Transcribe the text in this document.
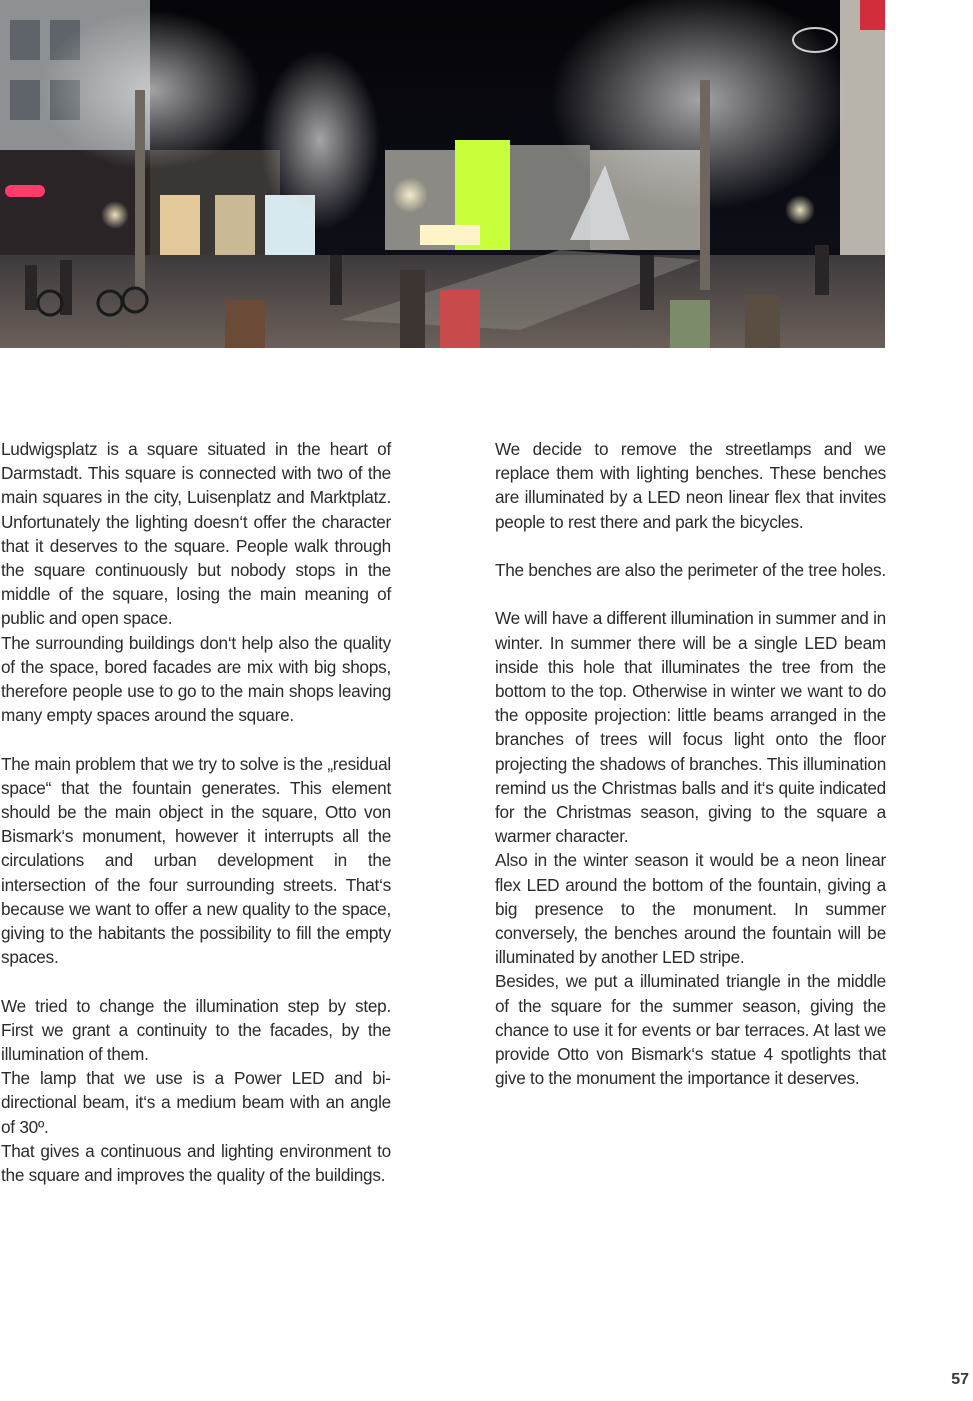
Ludwigsplatz is a square situated in the heart of Darmstadt. This square is connected with two of the main squares in the city, Luisenplatz and Marktplatz. Unfortunately the lighting doesn‘t offer the character that it deserves to the square. People walk through the square continuously but nobody stops in the middle of the square, losing the main meaning of public and open space.

The surrounding buildings don‘t help also the quality of the space, bored facades are mix with big shops, therefore people use to go to the main shops leaving many empty spaces around the square.

The main problem that we try to solve is the „residual space“ that the fountain generates. This element should be the main object in the square, Otto von Bismark‘s monument, however it interrupts all the circulations and urban development in the intersection of the four surrounding streets. That‘s because we want to offer a new quality to the space, giving to the habitants the possibility to fill the empty spaces.

We tried to change the illumination step by step. First we grant a continuity to the facades, by the illumination of them.

The lamp that we use is a Power LED and bidirectional beam, it‘s a medium beam with an angle of 30º.

That gives a continuous and lighting environment to the square and improves the quality of the buildings.

We decide to remove the streetlamps and we replace them with lighting benches. These benches are illuminated by a LED neon linear flex that invites people to rest there and park the bicycles.

The benches are also the perimeter of the tree holes.

We will have a different illumination in summer and in winter. In summer there will be a single LED beam inside this hole that illuminates the tree from the bottom to the top. Otherwise in winter we want to do the opposite projection: little beams arranged in the branches of trees will focus light onto the floor projecting the shadows of branches. This illumination remind us the Christmas balls and it‘s quite indicated for the Christmas season, giving to the square a warmer character.

Also in the winter season it would be a neon linear flex LED around the bottom of the fountain, giving a big presence to the monument. In summer conversely, the benches around the fountain will be illuminated by another LED stripe.

Besides, we put a illuminated triangle in the middle of the square for the summer season, giving the chance to use it for events or bar terraces. At last we provide Otto von Bismark‘s statue 4 spotlights that give to the monument the importance it deserves.

57
